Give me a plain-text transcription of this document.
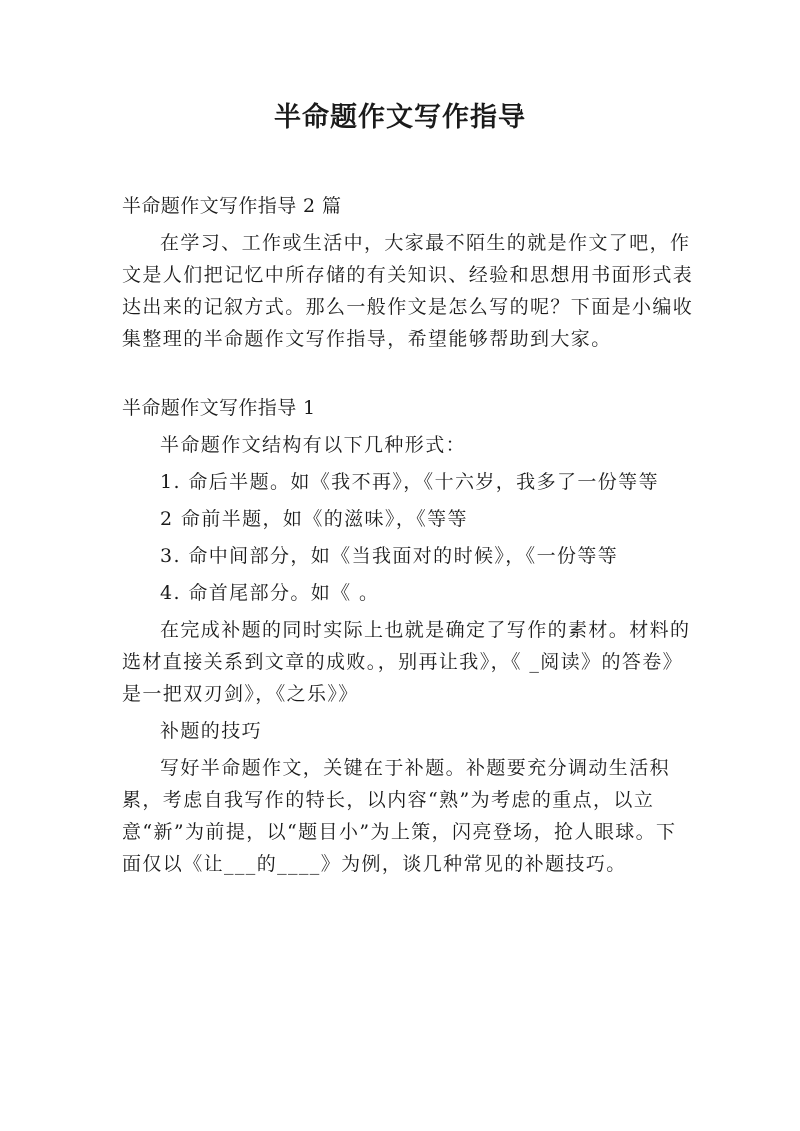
半命题作文写作指导

半命题作文写作指导 2 篇

在学习、工作或生活中，大家最不陌生的就是作文了吧，作文是人们把记忆中所存储的有关知识、经验和思想用书面形式表达出来的记叙方式。那么一般作文是怎么写的呢？下面是小编收集整理的半命题作文写作指导，希望能够帮助到大家。

半命题作文写作指导 1

半命题作文结构有以下几种形式：

1. 命后半题。如《我不再》，《十六岁，我多了一份等等

2 命前半题，如《的滋味》，《等等

3. 命中间部分，如《当我面对的时候》，《一份等等

4. 命首尾部分。如《 。

在完成补题的同时实际上也就是确定了写作的素材。材料的选材直接关系到文章的成败。，别再让我》，《 _阅读》的答卷》是一把双刃剑》，《之乐》》

补题的技巧

写好半命题作文，关键在于补题。补题要充分调动生活积累，考虑自我写作的特长，以内容“熟”为考虑的重点，以立意“新”为前提，以“题目小”为上策，闪亮登场，抢人眼球。下面仅以《让___的____》为例，谈几种常见的补题技巧。
